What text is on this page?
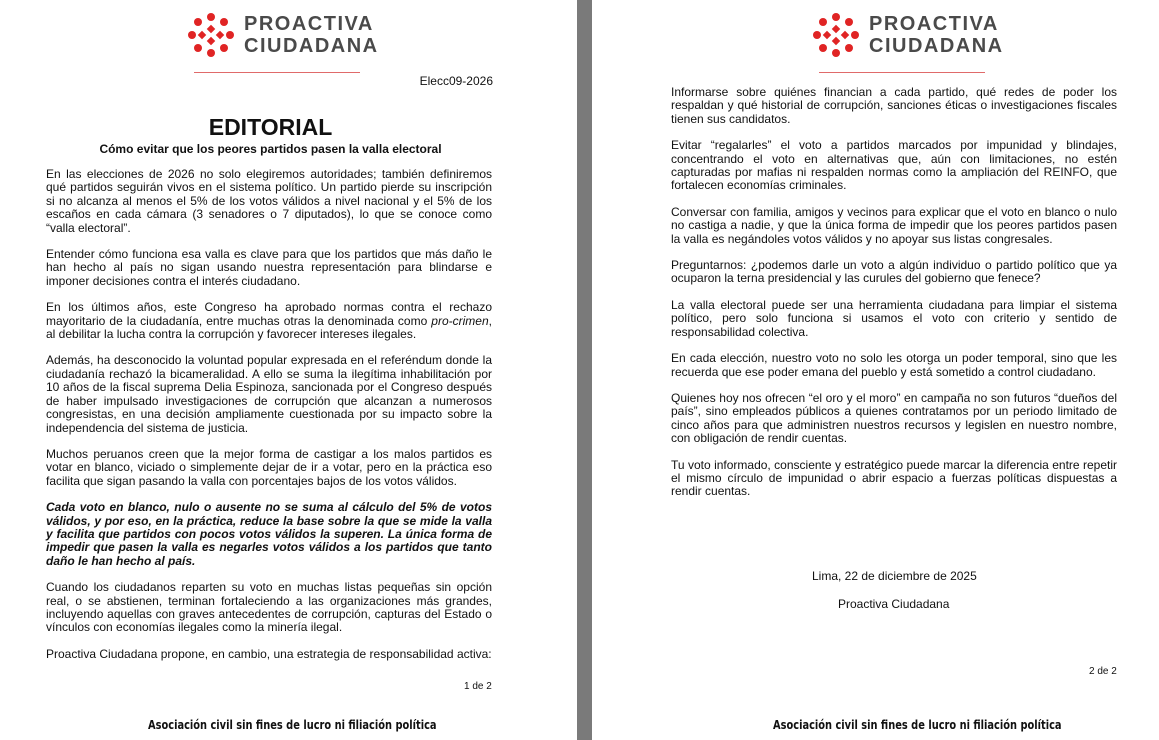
PROACTIVA
CIUDADANA
Elecc09-2026
EDITORIAL
Cómo evitar que los peores partidos pasen la valla electoral

En las elecciones de 2026 no solo elegiremos autoridades; también definiremos qué partidos seguirán vivos en el sistema político. Un partido pierde su inscripción si no alcanza al menos el 5% de los votos válidos a nivel nacional y el 5% de los escaños en cada cámara (3 senadores o 7 diputados), lo que se conoce como “valla electoral”.

Entender cómo funciona esa valla es clave para que los partidos que más daño le han hecho al país no sigan usando nuestra representación para blindarse e imponer decisiones contra el interés ciudadano.

En los últimos años, este Congreso ha aprobado normas contra el rechazo mayoritario de la ciudadanía, entre muchas otras la denominada como pro-crimen, al debilitar la lucha contra la corrupción y favorecer intereses ilegales.

Además, ha desconocido la voluntad popular expresada en el referéndum donde la ciudadanía rechazó la bicameralidad. A ello se suma la ilegítima inhabilitación por 10 años de la fiscal suprema Delia Espinoza, sancionada por el Congreso después de haber impulsado investigaciones de corrupción que alcanzan a numerosos congresistas, en una decisión ampliamente cuestionada por su impacto sobre la independencia del sistema de justicia.

Muchos peruanos creen que la mejor forma de castigar a los malos partidos es votar en blanco, viciado o simplemente dejar de ir a votar, pero en la práctica eso facilita que sigan pasando la valla con porcentajes bajos de los votos válidos.

Cada voto en blanco, nulo o ausente no se suma al cálculo del 5% de votos válidos, y por eso, en la práctica, reduce la base sobre la que se mide la valla y facilita que partidos con pocos votos válidos la superen. La única forma de impedir que pasen la valla es negarles votos válidos a los partidos que tanto daño le han hecho al país.

Cuando los ciudadanos reparten su voto en muchas listas pequeñas sin opción real, o se abstienen, terminan fortaleciendo a las organizaciones más grandes, incluyendo aquellas con graves antecedentes de corrupción, capturas del Estado o vínculos con economías ilegales como la minería ilegal.

Proactiva Ciudadana propone, en cambio, una estrategia de responsabilidad activa:

1 de 2
Asociación civil sin fines de lucro ni filiación política
PROACTIVA
CIUDADANA

Informarse sobre quiénes financian a cada partido, qué redes de poder los respaldan y qué historial de corrupción, sanciones éticas o investigaciones fiscales tienen sus candidatos.

Evitar “regalarles” el voto a partidos marcados por impunidad y blindajes, concentrando el voto en alternativas que, aún con limitaciones, no estén capturadas por mafias ni respalden normas como la ampliación del REINFO, que fortalecen economías criminales.

Conversar con familia, amigos y vecinos para explicar que el voto en blanco o nulo no castiga a nadie, y que la única forma de impedir que los peores partidos pasen la valla es negándoles votos válidos y no apoyar sus listas congresales.

Preguntarnos: ¿podemos darle un voto a algún individuo o partido político que ya ocuparon la terna presidencial y las curules del gobierno que fenece?

La valla electoral puede ser una herramienta ciudadana para limpiar el sistema político, pero solo funciona si usamos el voto con criterio y sentido de responsabilidad colectiva.

En cada elección, nuestro voto no solo les otorga un poder temporal, sino que les recuerda que ese poder emana del pueblo y está sometido a control ciudadano.

Quienes hoy nos ofrecen “el oro y el moro” en campaña no son futuros “dueños del país”, sino empleados públicos a quienes contratamos por un periodo limitado de cinco años para que administren nuestros recursos y legislen en nuestro nombre, con obligación de rendir cuentas.

Tu voto informado, consciente y estratégico puede marcar la diferencia entre repetir el mismo círculo de impunidad o abrir espacio a fuerzas políticas dispuestas a rendir cuentas.

Lima, 22 de diciembre de 2025
Proactiva Ciudadana
2 de 2
Asociación civil sin fines de lucro ni filiación política
